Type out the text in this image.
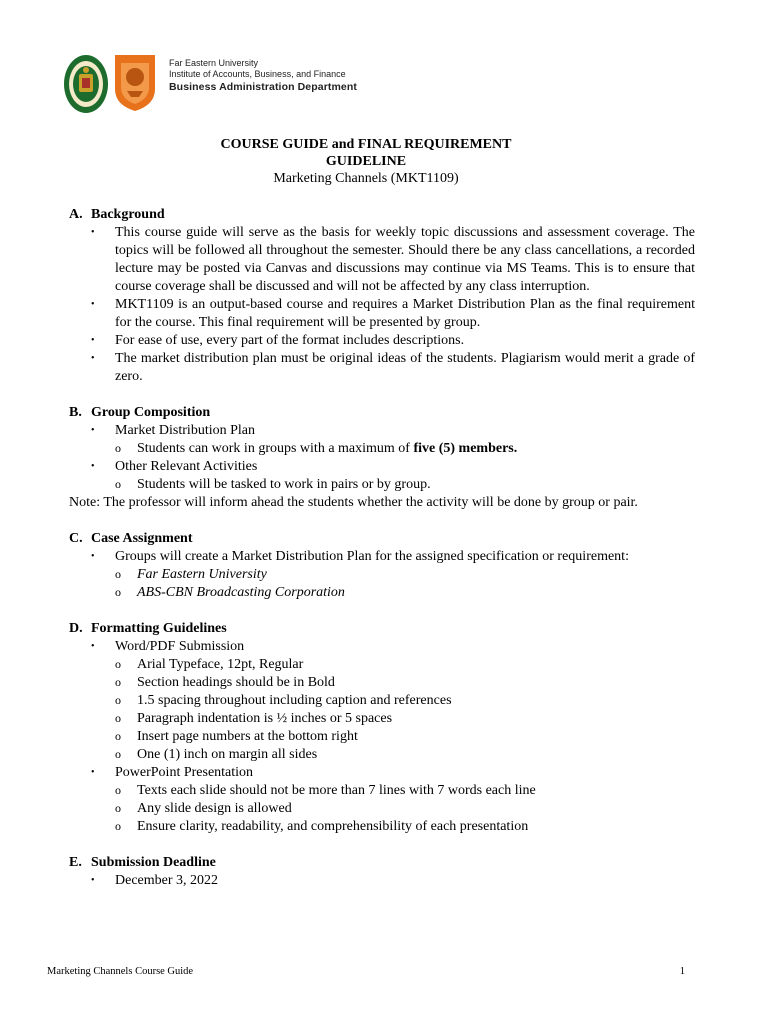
Far Eastern University
Institute of Accounts, Business, and Finance
Business Administration Department
COURSE GUIDE and FINAL REQUIREMENT
GUIDELINE
Marketing Channels (MKT1109)
A. Background
• This course guide will serve as the basis for weekly topic discussions and assessment coverage. The topics will be followed all throughout the semester. Should there be any class cancellations, a recorded lecture may be posted via Canvas and discussions may continue via MS Teams. This is to ensure that course coverage shall be discussed and will not be affected by any class interruption.
• MKT1109 is an output-based course and requires a Market Distribution Plan as the final requirement for the course. This final requirement will be presented by group.
• For ease of use, every part of the format includes descriptions.
• The market distribution plan must be original ideas of the students. Plagiarism would merit a grade of zero.
B. Group Composition
• Market Distribution Plan
o Students can work in groups with a maximum of five (5) members.
• Other Relevant Activities
o Students will be tasked to work in pairs or by group.
Note: The professor will inform ahead the students whether the activity will be done by group or pair.
C. Case Assignment
• Groups will create a Market Distribution Plan for the assigned specification or requirement:
o Far Eastern University
o ABS-CBN Broadcasting Corporation
D. Formatting Guidelines
• Word/PDF Submission
o Arial Typeface, 12pt, Regular
o Section headings should be in Bold
o 1.5 spacing throughout including caption and references
o Paragraph indentation is ½ inches or 5 spaces
o Insert page numbers at the bottom right
o One (1) inch on margin all sides
• PowerPoint Presentation
o Texts each slide should not be more than 7 lines with 7 words each line
o Any slide design is allowed
o Ensure clarity, readability, and comprehensibility of each presentation
E. Submission Deadline
• December 3, 2022
Marketing Channels Course Guide	1
